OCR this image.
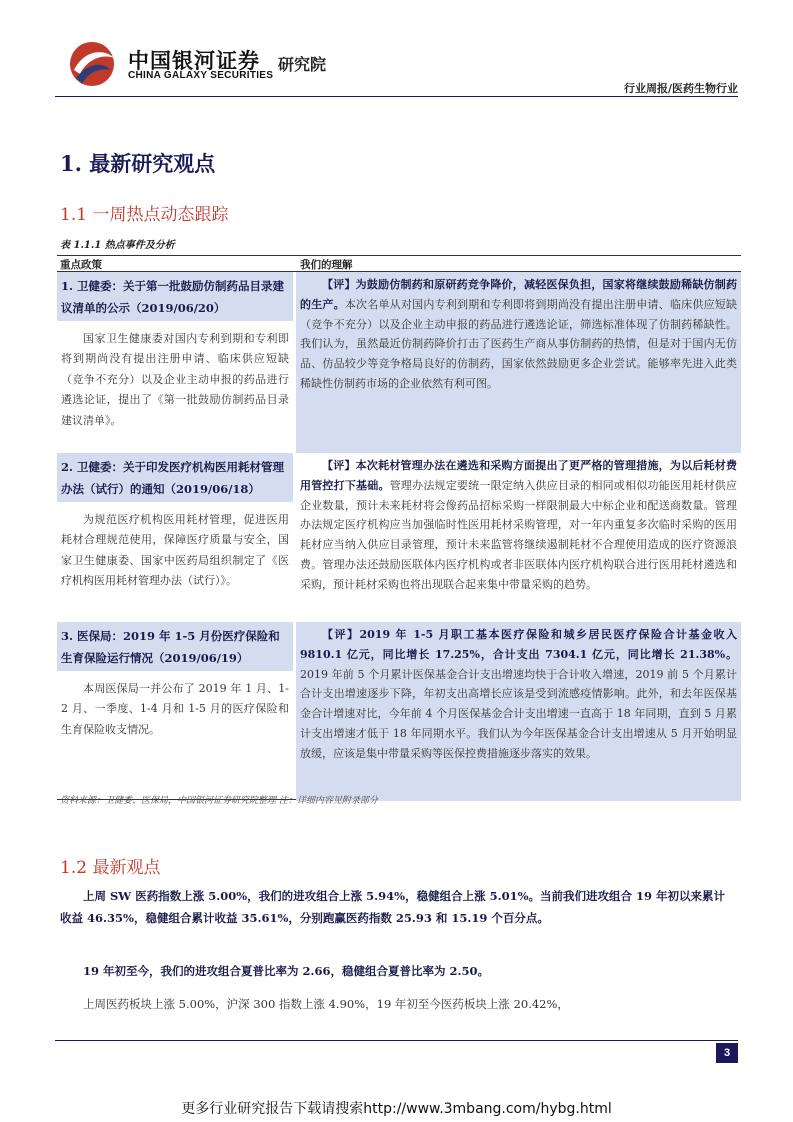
中国银河证券
CHINA GALAXY SECURITIES
研究院
行业周报/医药生物行业
1. 最新研究观点
1.1 一周热点动态跟踪
表 1.1.1 热点事件及分析
重点政策	我们的理解
1. 卫健委：关于第一批鼓励仿制药品目录建议清单的公示（2019/06/20）

国家卫生健康委对国内专利到期和专利即将到期尚没有提出注册申请、临床供应短缺（竞争不充分）以及企业主动申报的药品进行遴选论证，提出了《第一批鼓励仿制药品目录建议清单》。

【评】为鼓励仿制药和原研药竞争降价，减轻医保负担，国家将继续鼓励稀缺仿制药的生产。本次名单从对国内专利到期和专利即将到期尚没有提出注册申请、临床供应短缺（竞争不充分）以及企业主动申报的药品进行遴选论证，筛选标准体现了仿制药稀缺性。我们认为，虽然最近仿制药降价打击了医药生产商从事仿制药的热情，但是对于国内无仿品、仿品较少等竞争格局良好的仿制药，国家依然鼓励更多企业尝试。能够率先进入此类稀缺性仿制药市场的企业依然有利可图。

2. 卫健委：关于印发医疗机构医用耗材管理办法（试行）的通知（2019/06/18）

为规范医疗机构医用耗材管理，促进医用耗材合理规范使用，保障医疗质量与安全，国家卫生健康委、国家中医药局组织制定了《医疗机构医用耗材管理办法（试行）》。

【评】本次耗材管理办法在遴选和采购方面提出了更严格的管理措施，为以后耗材费用管控打下基础。管理办法规定要统一限定纳入供应目录的相同或相似功能医用耗材供应企业数量，预计未来耗材将会像药品招标采购一样限制最大中标企业和配送商数量。管理办法规定医疗机构应当加强临时性医用耗材采购管理，对一年内重复多次临时采购的医用耗材应当纳入供应目录管理，预计未来监管将继续遏制耗材不合理使用造成的医疗资源浪费。管理办法还鼓励医联体内医疗机构或者非医联体内医疗机构联合进行医用耗材遴选和采购，预计耗材采购也将出现联合起来集中带量采购的趋势。

3. 医保局：2019 年 1-5 月份医疗保险和生育保险运行情况（2019/06/19）

本周医保局一并公布了 2019 年 1 月、1-2 月、一季度、1-4 月和 1-5 月的医疗保险和生育保险收支情况。

【评】2019 年 1-5 月职工基本医疗保险和城乡居民医疗保险合计基金收入 9810.1 亿元，同比增长 17.25%，合计支出 7304.1 亿元，同比增长 21.38%。2019 年前 5 个月累计医保基金合计支出增速均快于合计收入增速，2019 前 5 个月累计合计支出增速逐步下降，年初支出高增长应该是受到流感疫情影响。此外，和去年医保基金合计增速对比，今年前 4 个月医保基金合计支出增速一直高于 18 年同期，直到 5 月累计支出增速才低于 18 年同期水平。我们认为今年医保基金合计支出增速从 5 月开始明显放缓，应该是集中带量采购等医保控费措施逐步落实的效果。

资料来源：卫健委、医保局，中国银河证券研究院整理 注：详细内容见附录部分
1.2 最新观点

上周 SW 医药指数上涨 5.00%，我们的进攻组合上涨 5.94%，稳健组合上涨 5.01%。当前我们进攻组合 19 年初以来累计收益 46.35%，稳健组合累计收益 35.61%，分别跑赢医药指数 25.93 和 15.19 个百分点。

19 年初至今，我们的进攻组合夏普比率为 2.66，稳健组合夏普比率为 2.50。

上周医药板块上涨 5.00%，沪深 300 指数上涨 4.90%，19 年初至今医药板块上涨 20.42%，

3
更多行业研究报告下载请搜索http://www.3mbang.com/hybg.html
